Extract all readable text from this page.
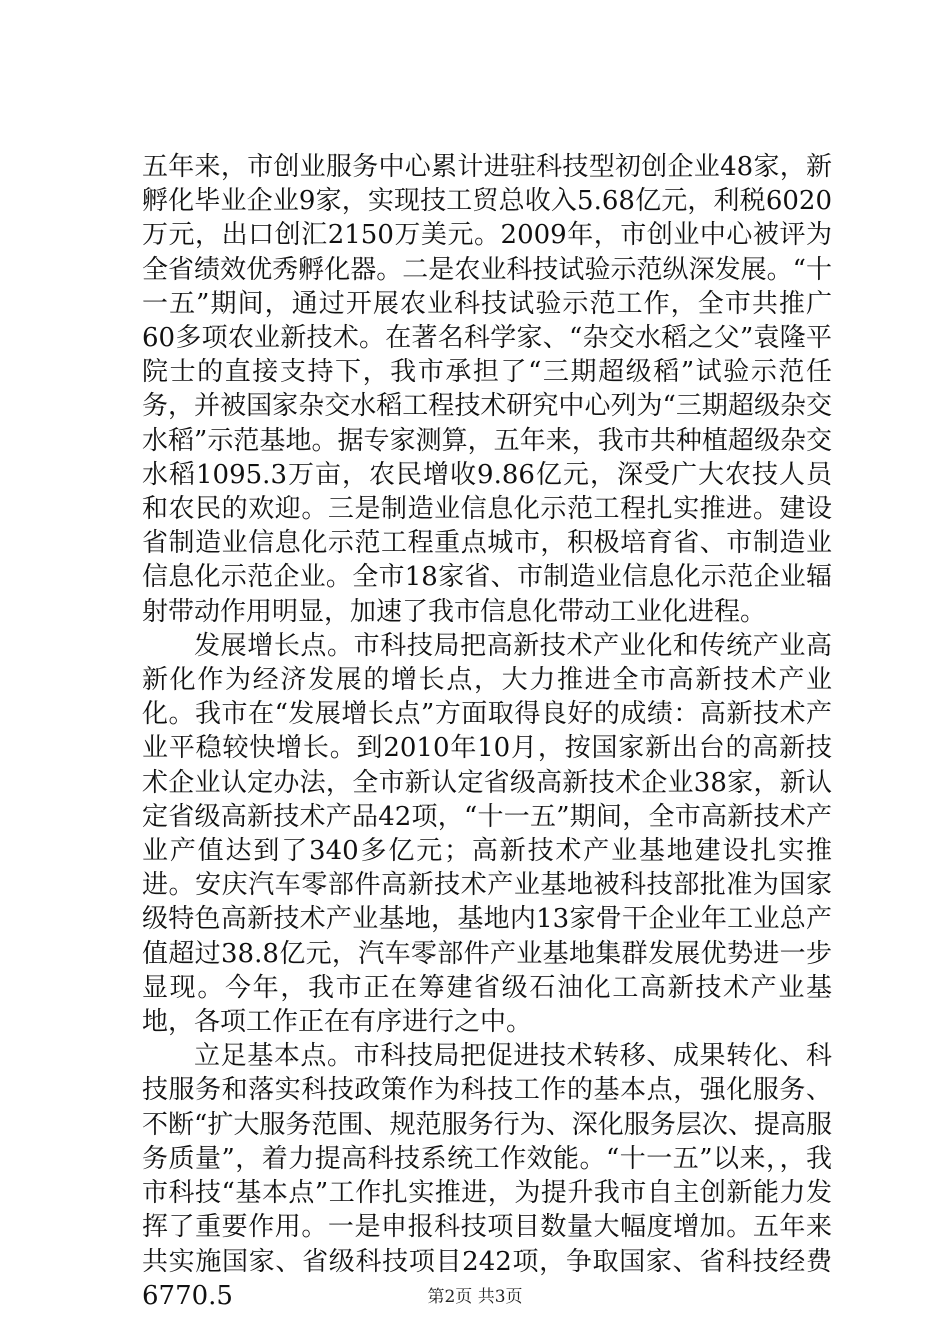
五年来，市创业服务中心累计进驻科技型初创企业48家，新孵化毕业企业9家，实现技工贸总收入5.68亿元，利税6020万元，出口创汇2150万美元。2009年，市创业中心被评为全省绩效优秀孵化器。二是农业科技试验示范纵深发展。“十一五”期间，通过开展农业科技试验示范工作，全市共推广60多项农业新技术。在著名科学家、“杂交水稻之父”袁隆平院士的直接支持下，我市承担了“三期超级稻”试验示范任务，并被国家杂交水稻工程技术研究中心列为“三期超级杂交水稻”示范基地。据专家测算，五年来，我市共种植超级杂交水稻1095.3万亩，农民增收9.86亿元，深受广大农技人员和农民的欢迎。三是制造业信息化示范工程扎实推进。建设省制造业信息化示范工程重点城市，积极培育省、市制造业信息化示范企业。全市18家省、市制造业信息化示范企业辐射带动作用明显，加速了我市信息化带动工业化进程。

发展增长点。市科技局把高新技术产业化和传统产业高新化作为经济发展的增长点，大力推进全市高新技术产业化。我市在“发展增长点”方面取得良好的成绩：高新技术产业平稳较快增长。到2010年10月，按国家新出台的高新技术企业认定办法，全市新认定省级高新技术企业38家，新认定省级高新技术产品42项，“十一五”期间，全市高新技术产业产值达到了340多亿元；高新技术产业基地建设扎实推进。安庆汽车零部件高新技术产业基地被科技部批准为国家级特色高新技术产业基地，基地内13家骨干企业年工业总产值超过38.8亿元，汽车零部件产业基地集群发展优势进一步显现。今年，我市正在筹建省级石油化工高新技术产业基地，各项工作正在有序进行之中。

立足基本点。市科技局把促进技术转移、成果转化、科技服务和落实科技政策作为科技工作的基本点，强化服务、不断“扩大服务范围、规范服务行为、深化服务层次、提高服务质量”，着力提高科技系统工作效能。“十一五”以来，，我市科技“基本点”工作扎实推进，为提升我市自主创新能力发挥了重要作用。一是申报科技项目数量大幅度增加。五年来共实施国家、省级科技项目242项，争取国家、省科技经费6770.5	第2页 共3页
